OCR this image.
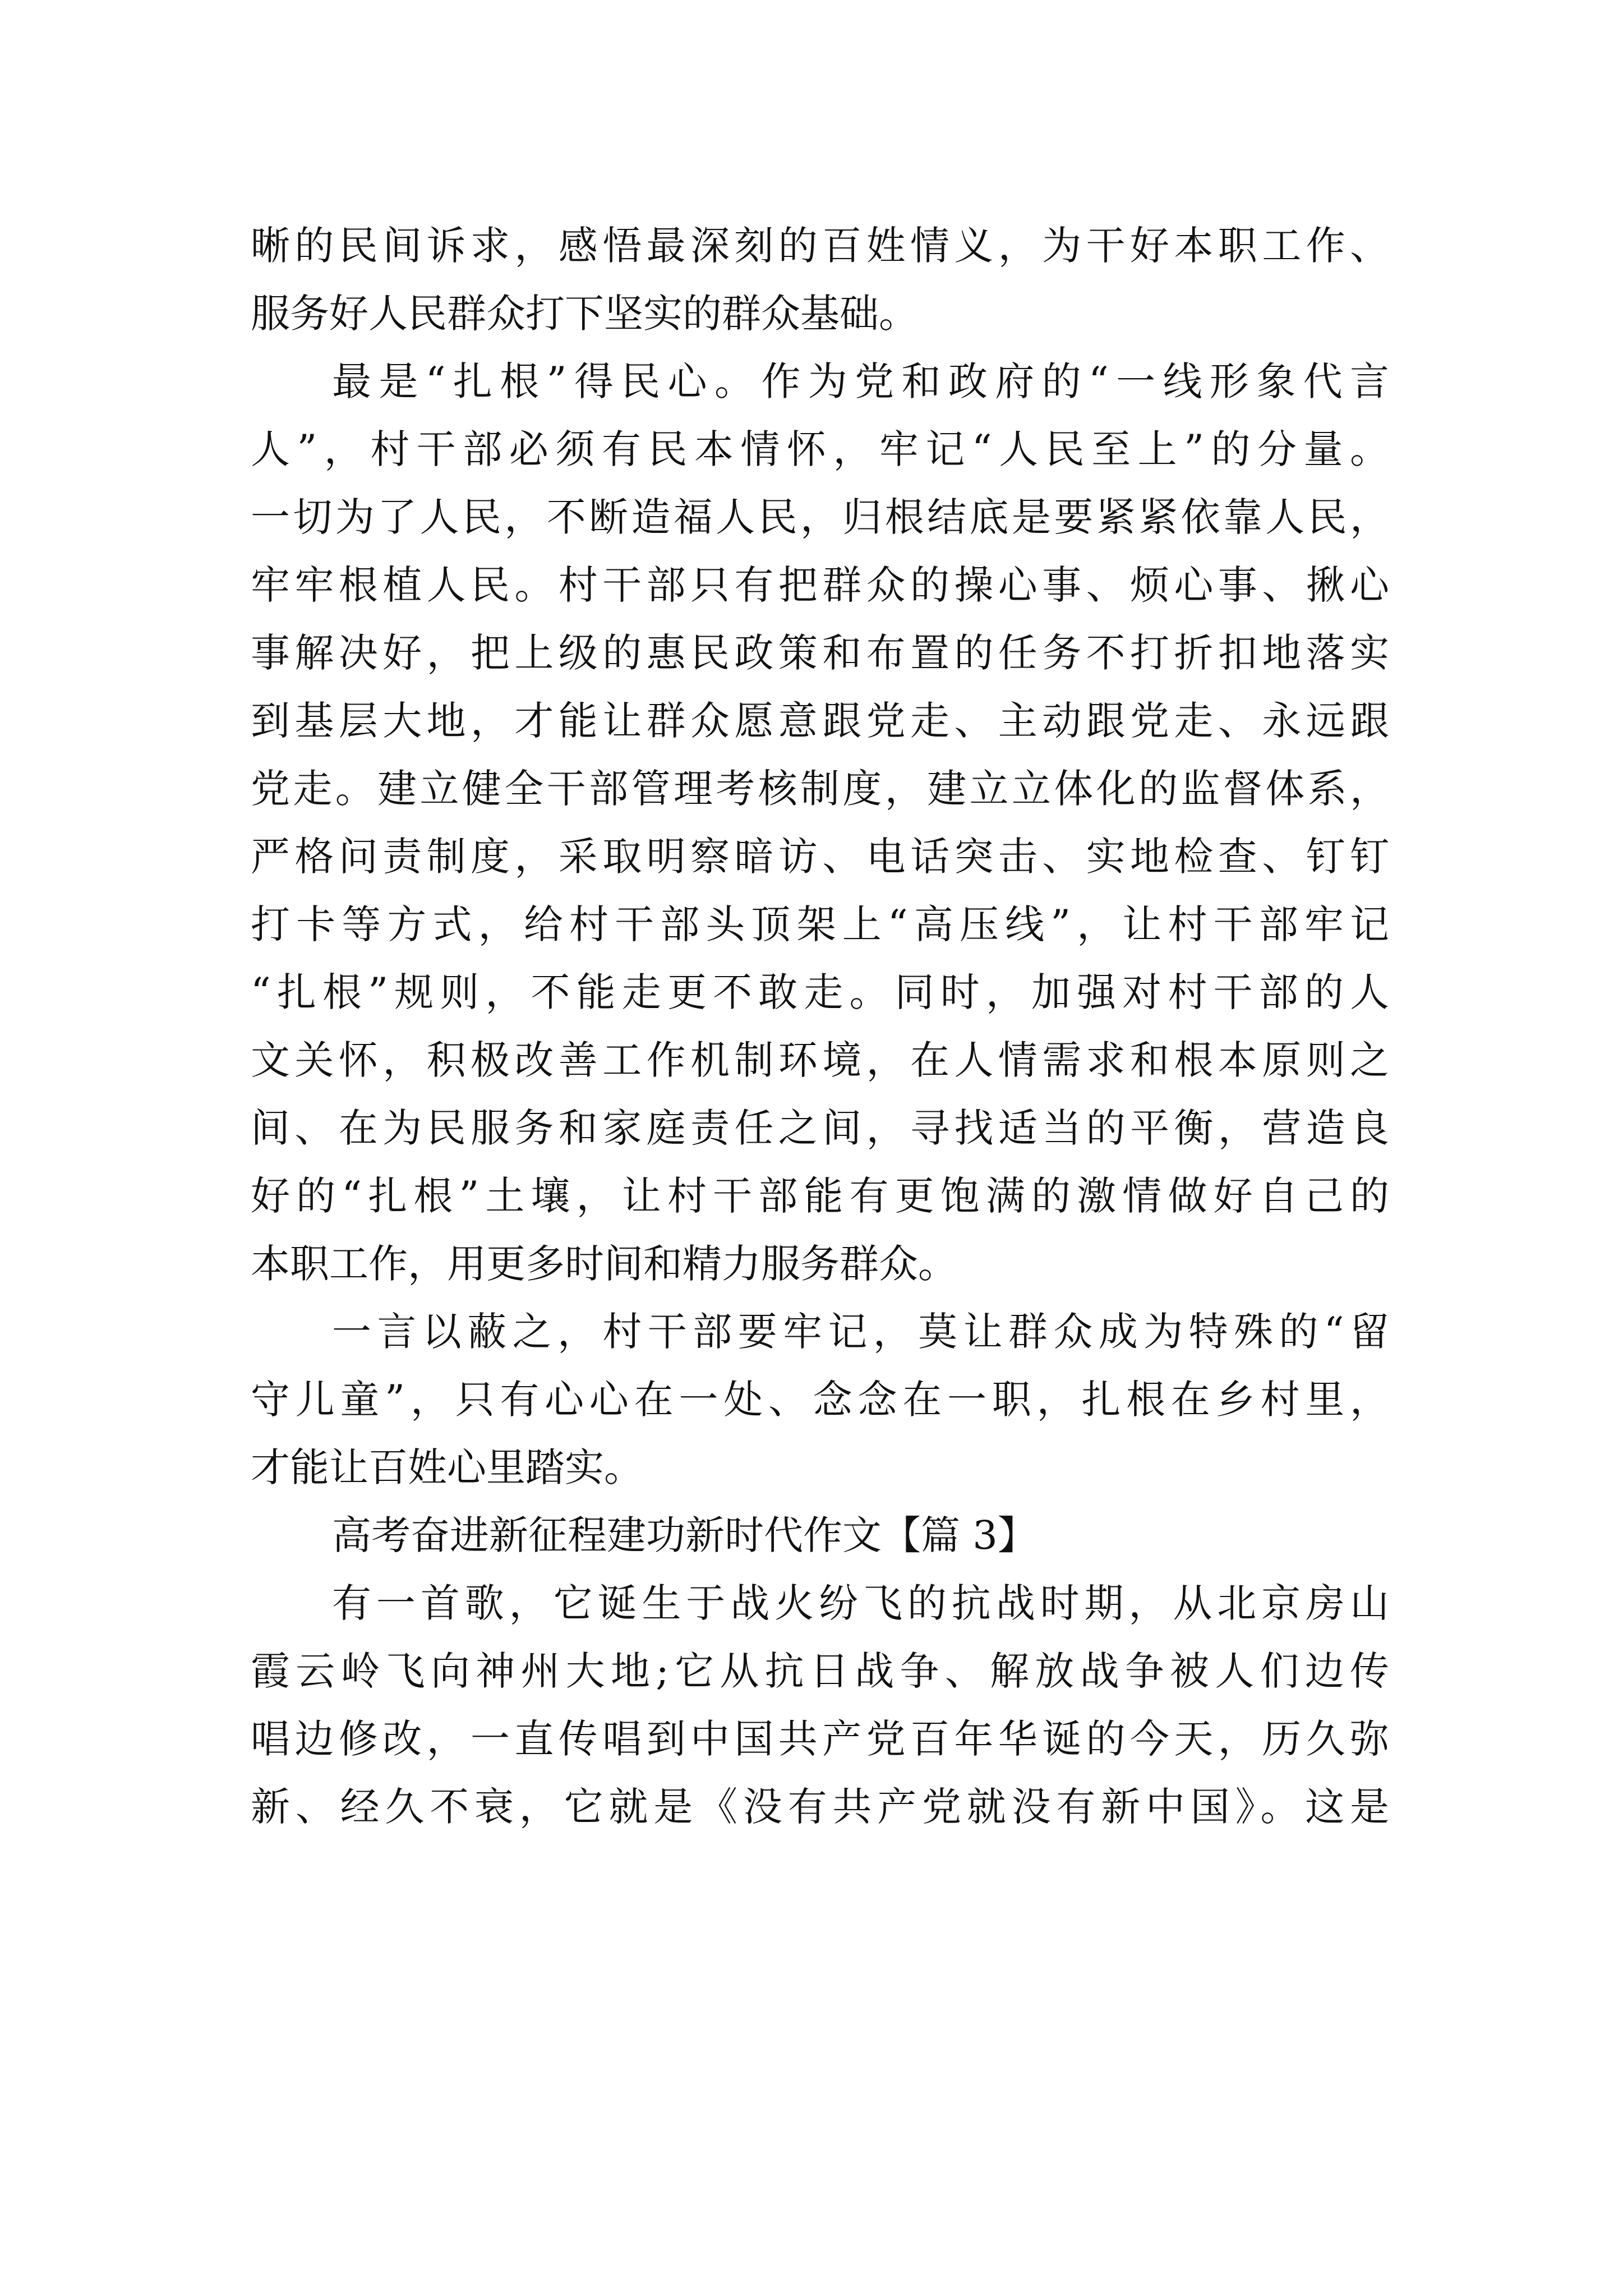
晰的民间诉求，感悟最深刻的百姓情义，为干好本职工作、
服务好人民群众打下坚实的群众基础。
最是“扎根”得民心。作为党和政府的“一线形象代言
人”，村干部必须有民本情怀，牢记“人民至上”的分量。
一切为了人民，不断造福人民，归根结底是要紧紧依靠人民，
牢牢根植人民。村干部只有把群众的操心事、烦心事、揪心
事解决好，把上级的惠民政策和布置的任务不打折扣地落实
到基层大地，才能让群众愿意跟党走、主动跟党走、永远跟
党走。建立健全干部管理考核制度，建立立体化的监督体系，
严格问责制度，采取明察暗访、电话突击、实地检查、钉钉
打卡等方式，给村干部头顶架上“高压线”，让村干部牢记
“扎根”规则，不能走更不敢走。同时，加强对村干部的人
文关怀，积极改善工作机制环境，在人情需求和根本原则之
间、在为民服务和家庭责任之间，寻找适当的平衡，营造良
好的“扎根”土壤，让村干部能有更饱满的激情做好自己的
本职工作，用更多时间和精力服务群众。
一言以蔽之，村干部要牢记，莫让群众成为特殊的“留
守儿童”，只有心心在一处、念念在一职，扎根在乡村里，
才能让百姓心里踏实。
高考奋进新征程建功新时代作文【篇 3】
有一首歌，它诞生于战火纷飞的抗战时期，从北京房山
霞云岭飞向神州大地;它从抗日战争、解放战争被人们边传
唱边修改，一直传唱到中国共产党百年华诞的今天，历久弥
新、经久不衰，它就是《没有共产党就没有新中国》。这是
